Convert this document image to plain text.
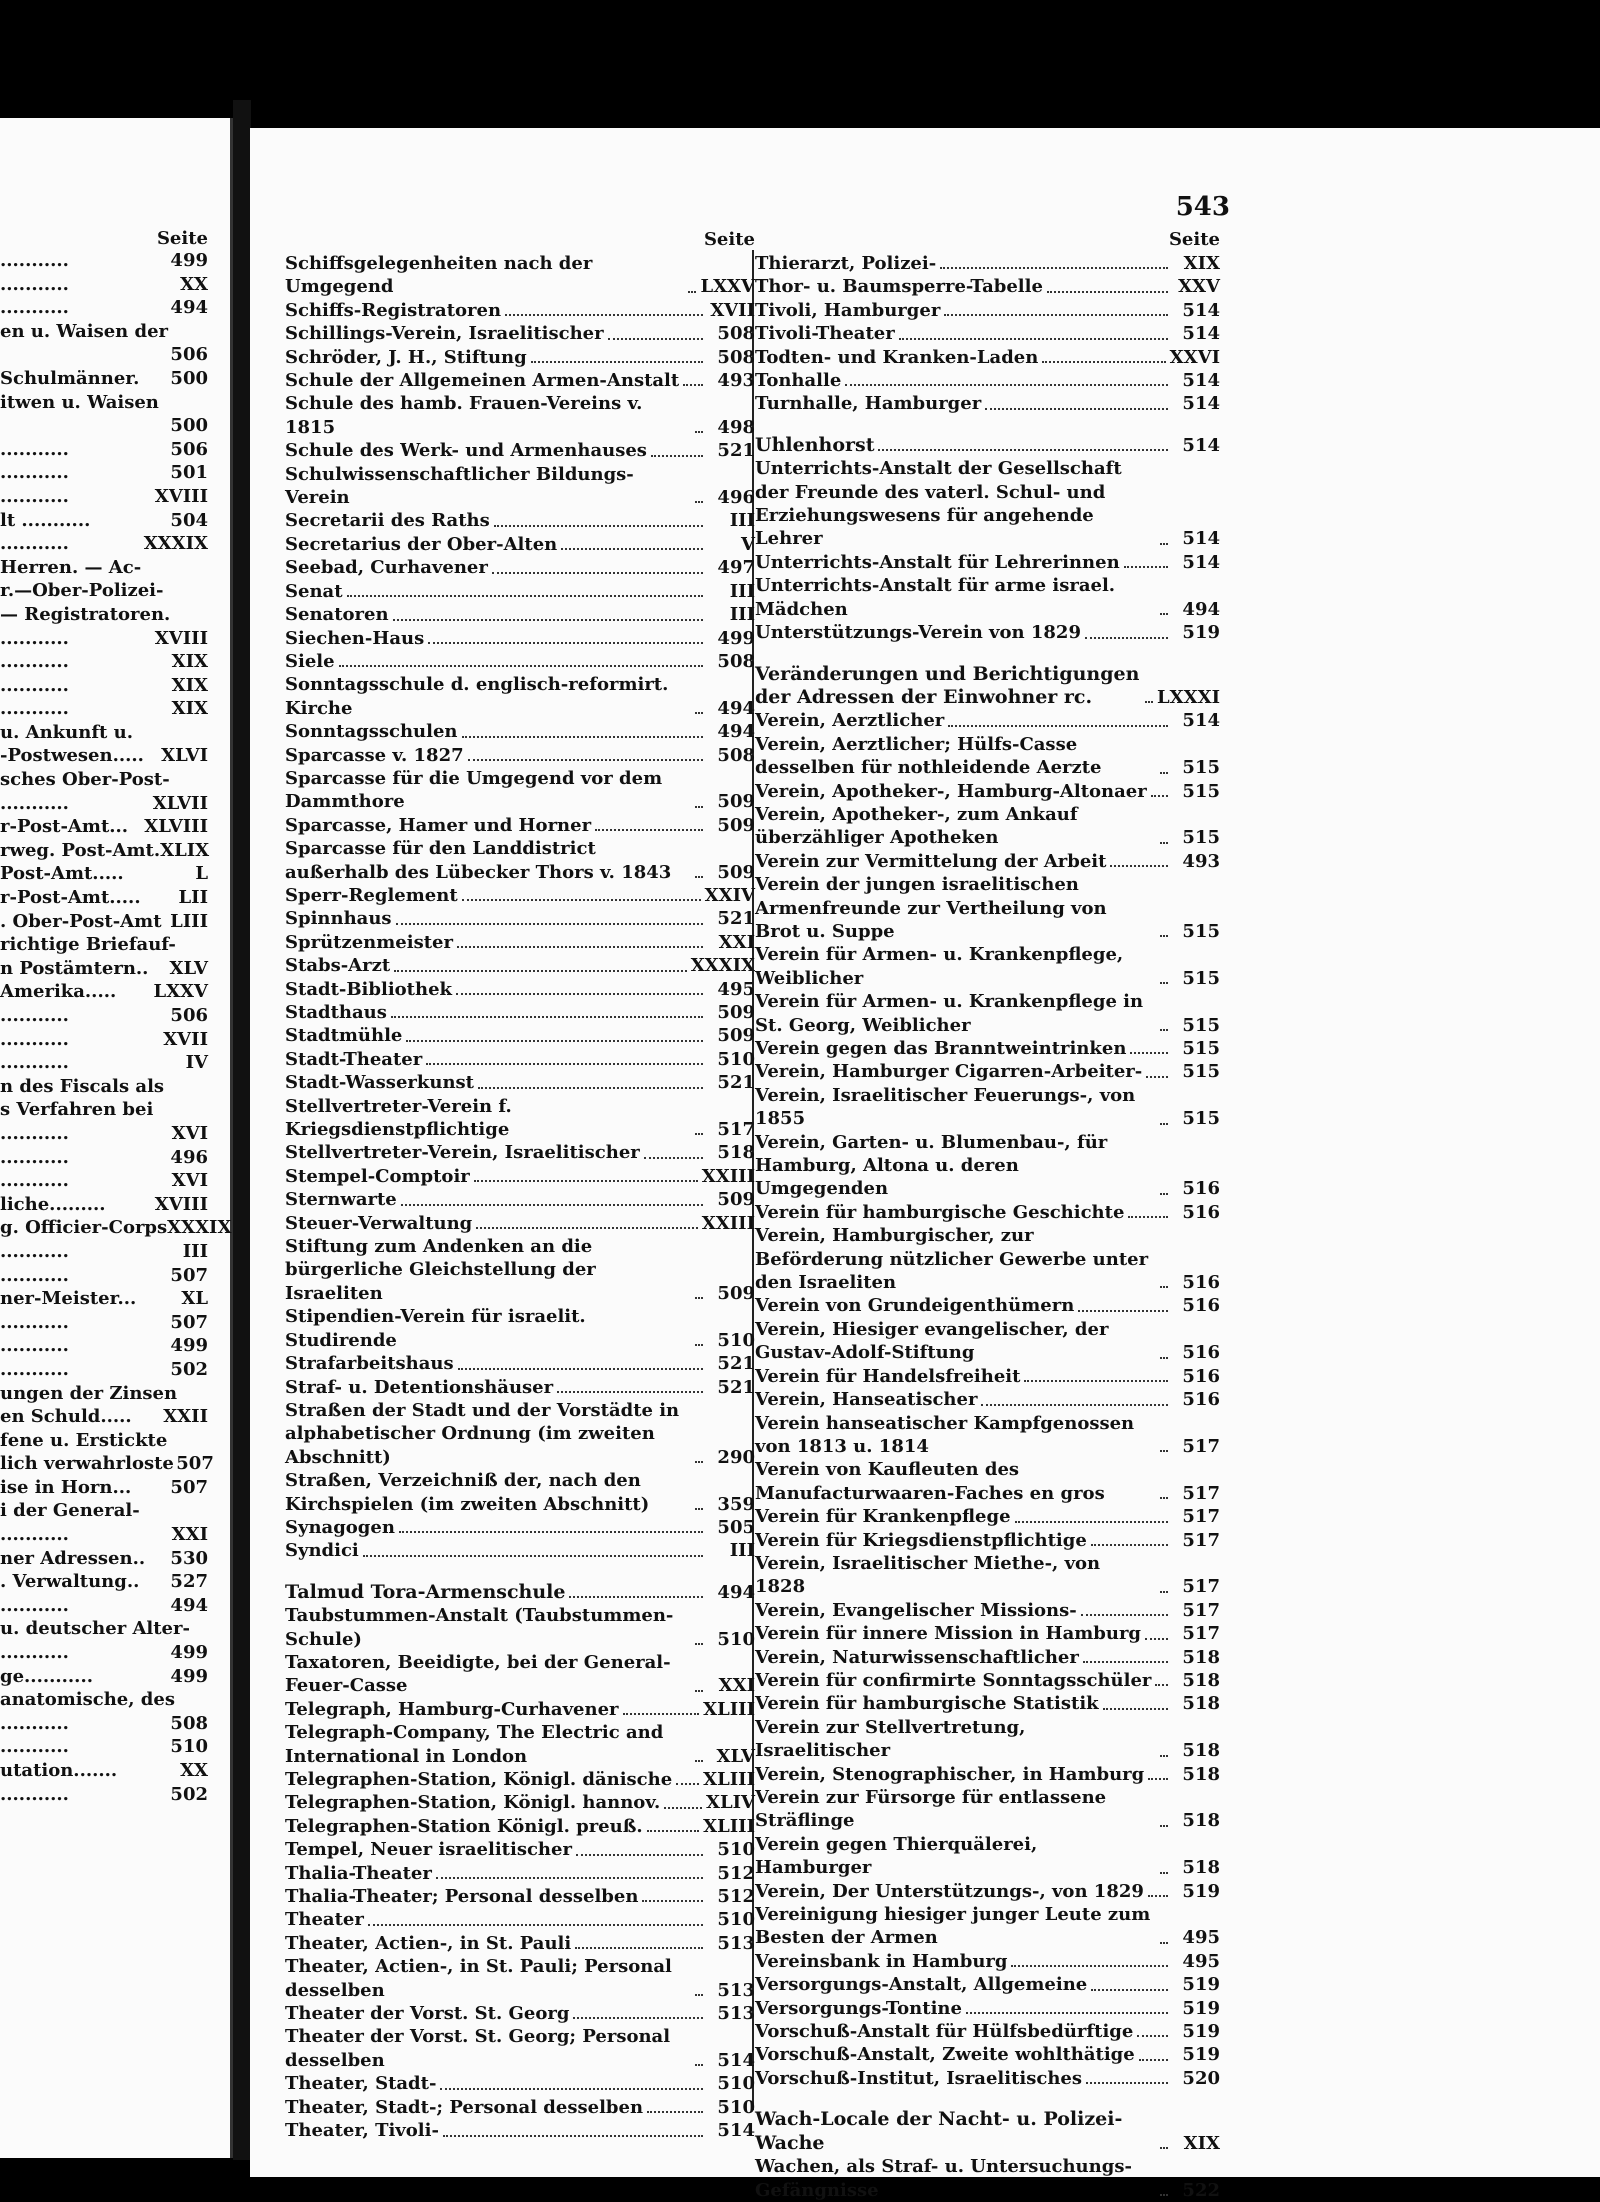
Seite
...........	499
...........	XX
...........	494
en u. Waisen der
506
Schulmänner.	500
itwen u. Waisen
500
...........	506
...........	501
...........	XVIII
lt ...........	504
...........	XXXIX
Herren. — Ac-
r.—Ober-Polizei-
— Registratoren.
...........	XVIII
...........	XIX
...........	XIX
...........	XIX
u. Ankunft u.
-Postwesen..... XLVI
sches Ober-Post-
...........	XLVII
r-Post-Amt... XLVIII
rweg. Post-Amt. XLIX
Post-Amt.....	L
r-Post-Amt.....	LII
. Ober-Post-Amt LIII
richtige Briefauf-
n Postämtern..	XLV
Amerika.....	LXXV
...........	506
...........	XVII
...........	IV
n des Fiscals als
s Verfahren bei
...........	XVI
...........	496
...........	XVI
liche.........	XVIII
g. Officier-Corps XXXIX
...........	III
...........	507
ner-Meister...	XL
...........	507
...........	499
...........	502
ungen der Zinsen
en Schuld.....	XXII
fene u. Erstickte
lich verwahrloste 507
ise in Horn...	507
i der General-
...........	XXI
ner Adressen..	530
. Verwaltung..	527
...........	494
u. deutscher Alter-
...........	499
ge...........	499
anatomische, des
...........	508
...........	510
utation.......	XX
...........	502
543
Seite
Schiffsgelegenheiten nach der Umgegend	LXXV
Schiffs-Registratoren	XVII
Schillings-Verein, Israelitischer	508
Schröder, J. H., Stiftung	508
Schule der Allgemeinen Armen-Anstalt	493
Schule des hamb. Frauen-Vereins v. 1815	498
Schule des Werk- und Armenhauses	521
Schulwissenschaftlicher Bildungs-Verein	496
Secretarii des Raths	III
Secretarius der Ober-Alten	V
Seebad, Curhavener	497
Senat	III
Senatoren	III
Siechen-Haus	499
Siele	508
Sonntagsschule d. englisch-reformirt. Kirche	494
Sonntagsschulen	494
Sparcasse v. 1827	508
Sparcasse für die Umgegend vor dem Dammthore	509
Sparcasse, Hamer und Horner	509
Sparcasse für den Landdistrict außerhalb des Lübecker Thors v. 1843	509
Sperr-Reglement	XXIV
Spinnhaus	521
Sprützenmeister	XXI
Stabs-Arzt	XXXIX
Stadt-Bibliothek	495
Stadthaus	509
Stadtmühle	509
Stadt-Theater	510
Stadt-Wasserkunst	521
Stellvertreter-Verein f. Kriegsdienstpflichtige	517
Stellvertreter-Verein, Israelitischer	518
Stempel-Comptoir	XXIII
Sternwarte	509
Steuer-Verwaltung	XXIII
Stiftung zum Andenken an die bürgerliche Gleichstellung der Israeliten	509
Stipendien-Verein für israelit. Studirende	510
Strafarbeitshaus	521
Straf- u. Detentionshäuser	521
Straßen der Stadt und der Vorstädte in alphabetischer Ordnung (im zweiten Abschnitt)	290
Straßen, Verzeichniß der, nach den Kirchspielen (im zweiten Abschnitt)	359
Synagogen	505
Syndici	III
Talmud Tora-Armenschule	494
Taubstummen-Anstalt (Taubstummen-Schule)	510
Taxatoren, Beeidigte, bei der General-Feuer-Casse	XXI
Telegraph, Hamburg-Curhavener	XLIII
Telegraph-Company, The Electric and International in London	XLV
Telegraphen-Station, Königl. dänische XLIII
Telegraphen-Station, Königl. hannov.	XLIV
Telegraphen-Station Königl. preuß.	XLIII
Tempel, Neuer israelitischer	510
Thalia-Theater	512
Thalia-Theater; Personal desselben	512
Theater	510
Theater, Actien-, in St. Pauli	513
Theater, Actien-, in St. Pauli; Personal desselben	513
Theater der Vorst. St. Georg	513
Theater der Vorst. St. Georg; Personal desselben	514
Theater, Stadt-	510
Theater, Stadt-; Personal desselben	510
Theater, Tivoli-	514
Seite
Thierarzt, Polizei-	XIX
Thor- u. Baumsperre-Tabelle	XXV
Tivoli, Hamburger	514
Tivoli-Theater	514
Todten- und Kranken-Laden	XXVI
Tonhalle	514
Turnhalle, Hamburger	514
Uhlenhorst	514
Unterrichts-Anstalt der Gesellschaft der Freunde des vaterl. Schul- und Erziehungswesens für angehende Lehrer	514
Unterrichts-Anstalt für Lehrerinnen	514
Unterrichts-Anstalt für arme israel. Mädchen	494
Unterstützungs-Verein von 1829	519
Veränderungen und Berichtigungen der Adressen der Einwohner rc.	LXXXI
Verein, Aerztlicher	514
Verein, Aerztlicher; Hülfs-Casse desselben für nothleidende Aerzte	515
Verein, Apotheker-, Hamburg-Altonaer	515
Verein, Apotheker-, zum Ankauf überzähliger Apotheken	515
Verein zur Vermittelung der Arbeit	493
Verein der jungen israelitischen Armenfreunde zur Vertheilung von Brot u. Suppe	515
Verein für Armen- u. Krankenpflege, Weiblicher	515
Verein für Armen- u. Krankenpflege in St. Georg, Weiblicher	515
Verein gegen das Branntweintrinken	515
Verein, Hamburger Cigarren-Arbeiter-	515
Verein, Israelitischer Feuerungs-, von 1855	515
Verein, Garten- u. Blumenbau-, für Hamburg, Altona u. deren Umgegenden	516
Verein für hamburgische Geschichte	516
Verein, Hamburgischer, zur Beförderung nützlicher Gewerbe unter den Israeliten	516
Verein von Grundeigenthümern	516
Verein, Hiesiger evangelischer, der Gustav-Adolf-Stiftung	516
Verein für Handelsfreiheit	516
Verein, Hanseatischer	516
Verein hanseatischer Kampfgenossen von 1813 u. 1814	517
Verein von Kaufleuten des Manufacturwaaren-Faches en gros	517
Verein für Krankenpflege	517
Verein für Kriegsdienstpflichtige	517
Verein, Israelitischer Miethe-, von 1828	517
Verein, Evangelischer Missions-	517
Verein für innere Mission in Hamburg	517
Verein, Naturwissenschaftlicher	518
Verein für confirmirte Sonntagsschüler	518
Verein für hamburgische Statistik	518
Verein zur Stellvertretung, Israelitischer	518
Verein, Stenographischer, in Hamburg	518
Verein zur Fürsorge für entlassene Sträflinge	518
Verein gegen Thierquälerei, Hamburger	518
Verein, Der Unterstützungs-, von 1829	519
Vereinigung hiesiger junger Leute zum Besten der Armen	495
Vereinsbank in Hamburg	495
Versorgungs-Anstalt, Allgemeine	519
Versorgungs-Tontine	519
Vorschuß-Anstalt für Hülfsbedürftige	519
Vorschuß-Anstalt, Zweite wohlthätige	519
Vorschuß-Institut, Israelitisches	520
Wach-Locale der Nacht- u. Polizei-Wache	XIX
Wachen, als Straf- u. Untersuchungs-Gefängnisse	522
